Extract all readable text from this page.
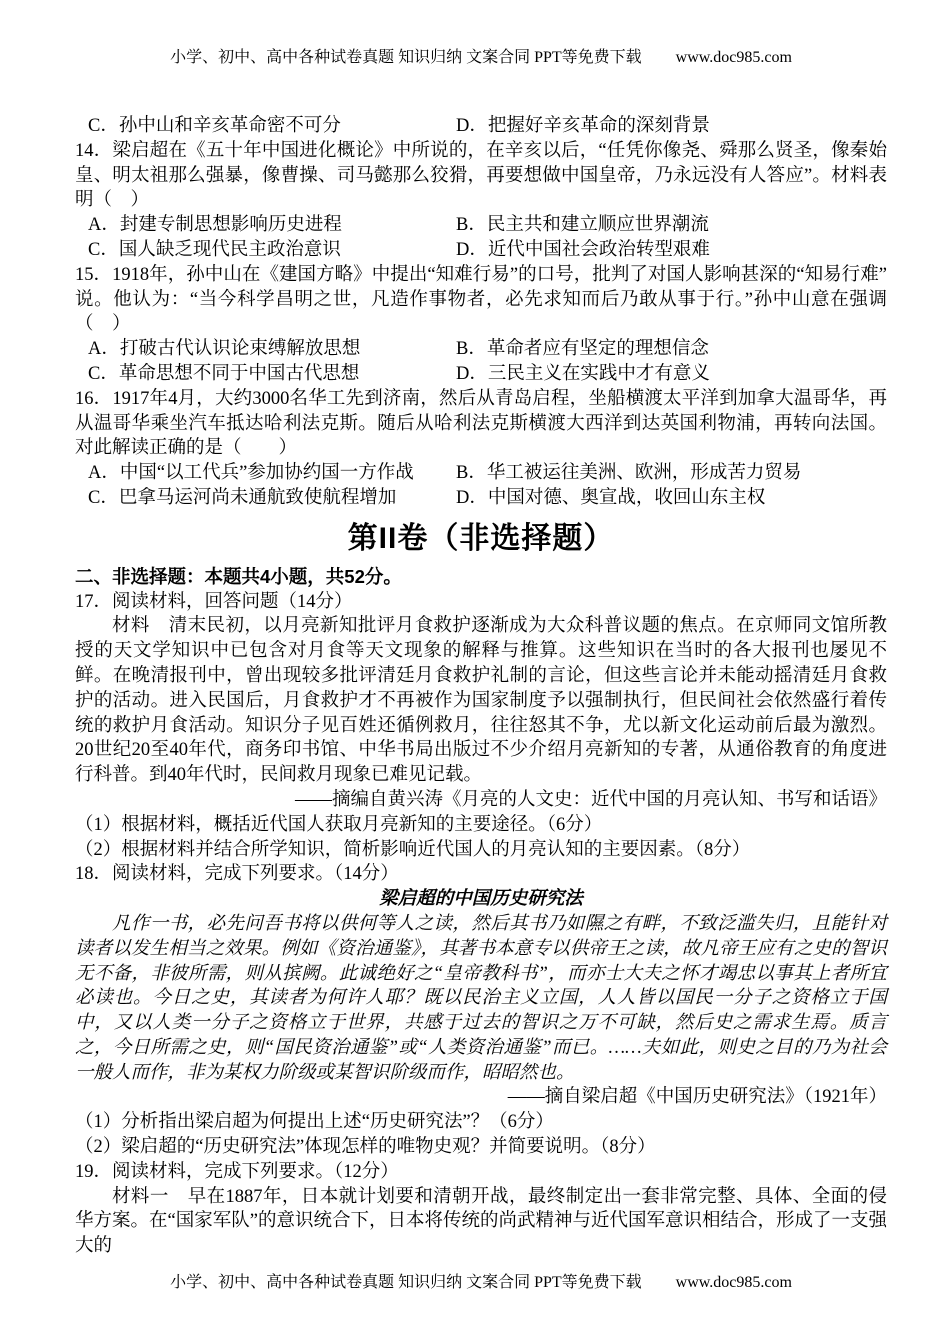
小学、初中、高中各种试卷真题 知识归纳 文案合同 PPT等免费下载 www.doc985.com
C．孙中山和辛亥革命密不可分	D．把握好辛亥革命的深刻背景

14．梁启超在《五十年中国进化概论》中所说的，在辛亥以后，“任凭你像尧、舜那么贤圣，像秦始皇、明太祖那么强暴，像曹操、司马懿那么狡猾，再要想做中国皇帝，乃永远没有人答应”。材料表明（　）

A．封建专制思想影响历史进程	B．民主共和建立顺应世界潮流
C．国人缺乏现代民主政治意识	D．近代中国社会政治转型艰难

15．1918年，孙中山在《建国方略》中提出“知难行易”的口号，批判了对国人影响甚深的“知易行难”说。他认为：“当今科学昌明之世，凡造作事物者，必先求知而后乃敢从事于行。”孙中山意在强调（　）

A．打破古代认识论束缚解放思想	B．革命者应有坚定的理想信念
C．革命思想不同于中国古代思想	D．三民主义在实践中才有意义

16．1917年4月，大约3000名华工先到济南，然后从青岛启程，坐船横渡太平洋到加拿大温哥华，再从温哥华乘坐汽车抵达哈利法克斯。随后从哈利法克斯横渡大西洋到达英国利物浦，再转向法国。对此解读正确的是（　　）

A．中国“以工代兵”参加协约国一方作战	B．华工被运往美洲、欧洲，形成苦力贸易
C．巴拿马运河尚未通航致使航程增加	D．中国对德、奥宣战，收回山东主权
第II卷（非选择题）

二、非选择题：本题共4小题，共52分。

17．阅读材料，回答问题（14分）

材料　清末民初，以月亮新知批评月食救护逐渐成为大众科普议题的焦点。在京师同文馆所教授的天文学知识中已包含对月食等天文现象的解释与推算。这些知识在当时的各大报刊也屡见不鲜。在晚清报刊中，曾出现较多批评清廷月食救护礼制的言论，但这些言论并未能动摇清廷月食救护的活动。进入民国后，月食救护才不再被作为国家制度予以强制执行，但民间社会依然盛行着传统的救护月食活动。知识分子见百姓还循例救月，往往怒其不争，尤以新文化运动前后最为激烈。20世纪20至40年代，商务印书馆、中华书局出版过不少介绍月亮新知的专著，从通俗教育的角度进行科普。到40年代时，民间救月现象已难见记载。

——摘编自黄兴涛《月亮的人文史：近代中国的月亮认知、书写和话语》

（1）根据材料，概括近代国人获取月亮新知的主要途径。（6分）

（2）根据材料并结合所学知识，简析影响近代国人的月亮认知的主要因素。（8分）

18．阅读材料，完成下列要求。（14分）

梁启超的中国历史研究法

凡作一书，必先问吾书将以供何等人之读，然后其书乃如隰之有畔，不致泛滥失归，且能针对读者以发生相当之效果。例如《资治通鉴》，其著书本意专以供帝王之读，故凡帝王应有之史的智识无不备，非彼所需，则从摈阙。此诚绝好之“皇帝教科书”，而亦士大夫之怀才竭忠以事其上者所宜必读也。今日之史，其读者为何许人耶？既以民治主义立国，人人皆以国民一分子之资格立于国中，又以人类一分子之资格立于世界，共感于过去的智识之万不可缺，然后史之需求生焉。质言之，今日所需之史，则“国民资治通鉴”或“人类资治通鉴”而已。……夫如此，则史之目的乃为社会一般人而作，非为某权力阶级或某智识阶级而作，昭昭然也。

——摘自梁启超《中国历史研究法》（1921年）

（1）分析指出梁启超为何提出上述“历史研究法”？（6分）

（2）梁启超的“历史研究法”体现怎样的唯物史观？并简要说明。（8分）

19．阅读材料，完成下列要求。（12分）

材料一　早在1887年，日本就计划要和清朝开战，最终制定出一套非常完整、具体、全面的侵华方案。在“国家军队”的意识统合下，日本将传统的尚武精神与近代国军意识相结合，形成了一支强大的

小学、初中、高中各种试卷真题 知识归纳 文案合同 PPT等免费下载 www.doc985.com
